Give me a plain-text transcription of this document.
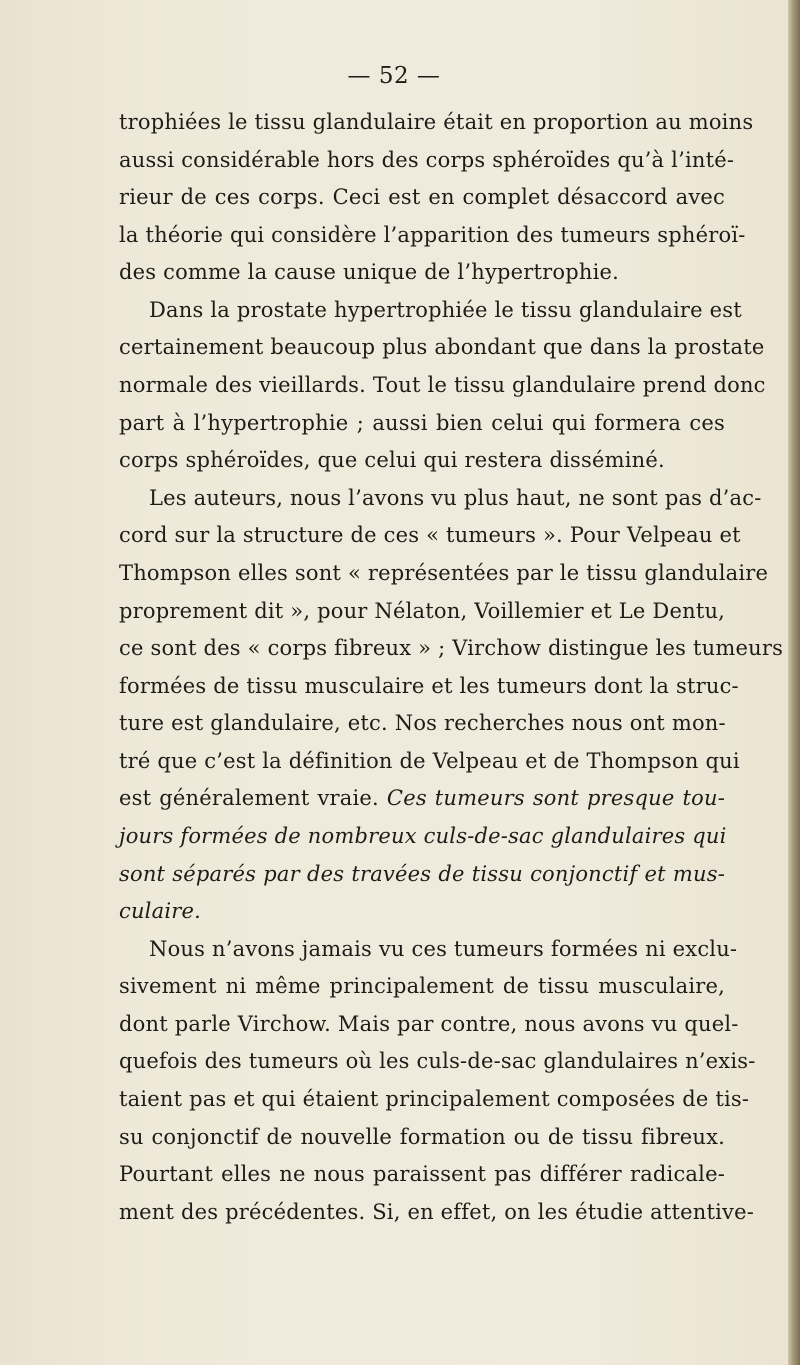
— 52 —
trophiées le tissu glandulaire était en proportion au moins
aussi considérable hors des corps sphéroïdes qu’à l’inté-
rieur de ces corps. Ceci est en complet désaccord avec
la théorie qui considère l’apparition des tumeurs sphéroï-
des comme la cause unique de l’hypertrophie.
Dans la prostate hypertrophiée le tissu glandulaire est
certainement beaucoup plus abondant que dans la prostate
normale des vieillards. Tout le tissu glandulaire prend donc
part à l’hypertrophie ; aussi bien celui qui formera ces
corps sphéroïdes, que celui qui restera disséminé.
Les auteurs, nous l’avons vu plus haut, ne sont pas d’ac-
cord sur la structure de ces « tumeurs ». Pour Velpeau et
Thompson elles sont « représentées par le tissu glandulaire
proprement dit », pour Nélaton, Voillemier et Le Dentu,
ce sont des « corps fibreux » ; Virchow distingue les tumeurs
formées de tissu musculaire et les tumeurs dont la struc-
ture est glandulaire, etc. Nos recherches nous ont mon-
tré que c’est la définition de Velpeau et de Thompson qui
est généralement vraie. Ces tumeurs sont presque tou-
jours formées de nombreux culs-de-sac glandulaires qui
sont séparés par des travées de tissu conjonctif et mus-
culaire.
Nous n’avons jamais vu ces tumeurs formées ni exclu-
sivement ni même principalement de tissu musculaire,
dont parle Virchow. Mais par contre, nous avons vu quel-
quefois des tumeurs où les culs-de-sac glandulaires n’exis-
taient pas et qui étaient principalement composées de tis-
su conjonctif de nouvelle formation ou de tissu fibreux.
Pourtant elles ne nous paraissent pas différer radicale-
ment des précédentes. Si, en effet, on les étudie attentive-
